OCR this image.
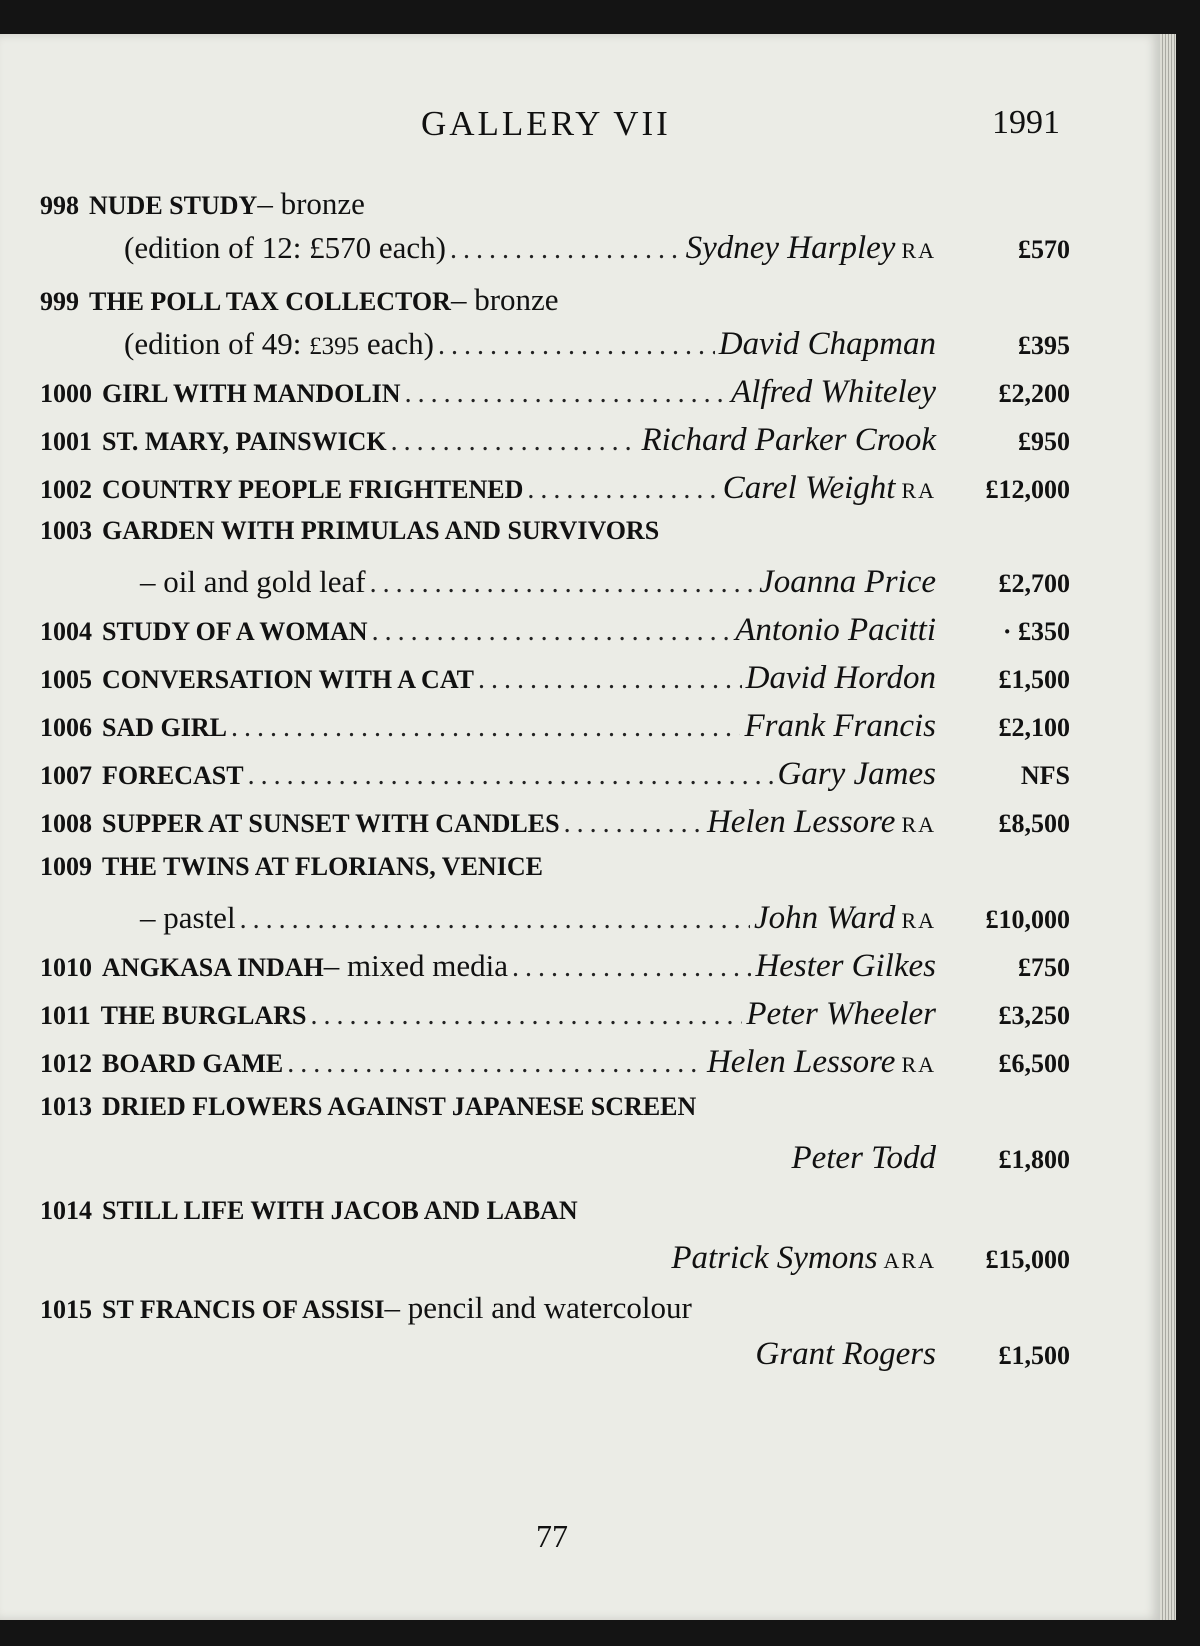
GALLERY VII	1991
998 NUDE STUDY – bronze
(edition of 12: £570 each) .....	Sydney Harpley RA	£570
999 THE POLL TAX COLLECTOR – bronze
(edition of 49: £395 each) .....	David Chapman	£395
1000 GIRL WITH MANDOLIN .....	Alfred Whiteley	£2,200
1001 ST. MARY, PAINSWICK .....	Richard Parker Crook	£950
1002 COUNTRY PEOPLE FRIGHTENED .....	Carel Weight RA	£12,000
1003 GARDEN WITH PRIMULAS AND SURVIVORS
– oil and gold leaf .....	Joanna Price	£2,700
1004 STUDY OF A WOMAN .....	Antonio Pacitti	· £350
1005 CONVERSATION WITH A CAT .....	David Hordon	£1,500
1006 SAD GIRL .....	Frank Francis	£2,100
1007 FORECAST .....	Gary James	NFS
1008 SUPPER AT SUNSET WITH CANDLES .....	Helen Lessore RA	£8,500
1009 THE TWINS AT FLORIANS, VENICE
– pastel .....	John Ward RA	£10,000
1010 ANGKASA INDAH – mixed media .....	Hester Gilkes	£750
1011 THE BURGLARS .....	Peter Wheeler	£3,250
1012 BOARD GAME .....	Helen Lessore RA	£6,500
1013 DRIED FLOWERS AGAINST JAPANESE SCREEN
Peter Todd	£1,800
1014 STILL LIFE WITH JACOB AND LABAN
Patrick Symons ARA	£15,000
1015 ST FRANCIS OF ASSISI – pencil and watercolour
Grant Rogers	£1,500
77
